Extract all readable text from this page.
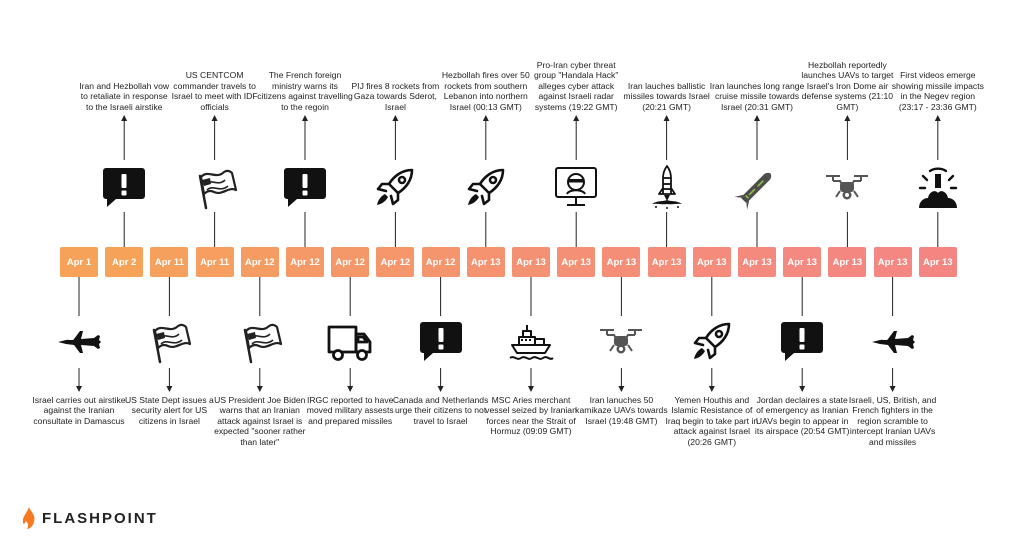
Apr 1
Israel carries out airstike against the Iranian consultate in Damascus
Apr 2
Iran and Hezbollah vow to retaliate in response to the Israeli airstike
Apr 11
US State Dept issues a security alert for US citizens in Israel
Apr 11
US CENTCOM commander travels to Israel to meet with IDF officials
Apr 12
US President Joe Biden warns that an Iranian attack against Israel is expected "sooner rather than later"
Apr 12
The French foreign ministry warns its citizens against travelling to the regoin
Apr 12
IRGC reported to have moved military assests and prepared missiles
Apr 12
PIJ fires 8 rockets from Gaza towards Sderot, Israel
Apr 12
Canada and Netherlands urge their citizens to not travel to Israel
Apr 13
Hezbollah fires over 50 rockets from southern Lebanon into northern Israel (00:13 GMT)
Apr 13
MSC Aries merchant vessel seized by Iranian forces near the Strait of Hormuz (09:09 GMT)
Apr 13
Pro-Iran cyber threat group "Handala Hack" alleges cyber attack against Israeli radar systems (19:22 GMT)
Apr 13
Iran lanuches 50 kamikaze UAVs towards Israel (19:48 GMT)
Apr 13
Iran lauches ballistic missiles towards Israel (20:21 GMT)
Apr 13
Yemen Houthis and Islamic Resistance of Iraq begin to take part in attack against Israel (20:26 GMT)
Apr 13
Iran launches long range cruise missile towards Israel (20:31 GMT)
Apr 13
Jordan declaires a state of emergency as Iranian UAVs begin to appear in its airspace (20:54 GMT)
Apr 13
Hezbollah reportedly launches UAVs to target Israel's Iron Dome air defense systems (21:10 GMT)
Apr 13
Israeli, US, British, and French fighters in the region scramble to intercept Iranian UAVs and missiles
Apr 13
First videos emerge showing missile impacts in the Negev region (23:17 - 23:36 GMT)
FLASHPOINT
